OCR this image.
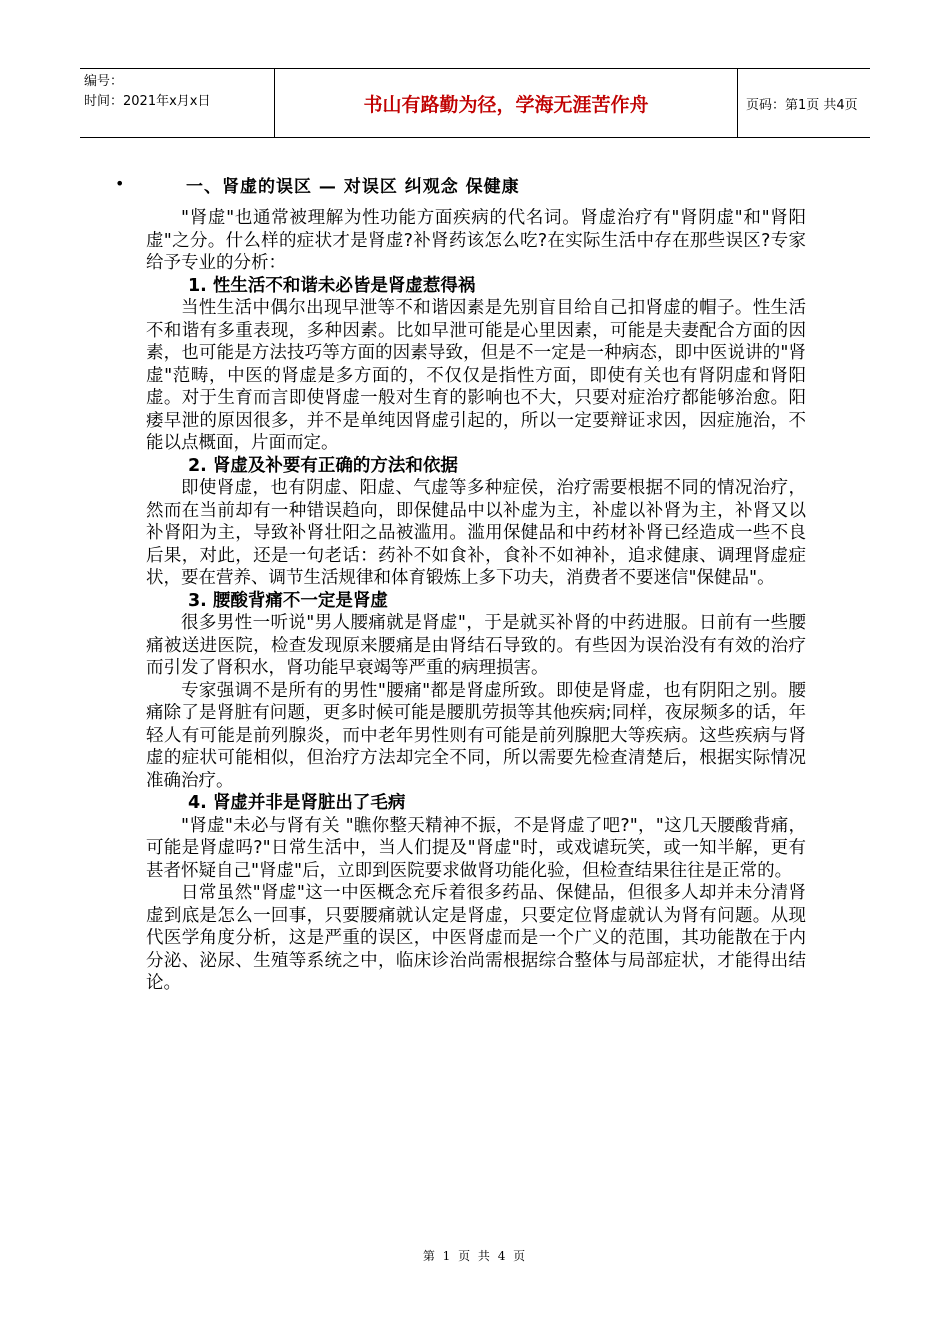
编号：
时间：2021年x月x日	书山有路勤为径，学海无涯苦作舟	页码：第1页 共4页
•	一、肾虚的误区 — 对误区 纠观念 保健康

"肾虚"也通常被理解为性功能方面疾病的代名词。肾虚治疗有"肾阴虚"和"肾阳虚"之分。什么样的症状才是肾虚?补肾药该怎么吃?在实际生活中存在那些误区?专家给予专业的分析：

1. 性生活不和谐未必皆是肾虚惹得祸

当性生活中偶尔出现早泄等不和谐因素是先别盲目给自己扣肾虚的帽子。性生活不和谐有多重表现，多种因素。比如早泄可能是心里因素，可能是夫妻配合方面的因素，也可能是方法技巧等方面的因素导致，但是不一定是一种病态，即中医说讲的"肾虚"范畴，中医的肾虚是多方面的，不仅仅是指性方面，即使有关也有肾阴虚和肾阳虚。对于生育而言即使肾虚一般对生育的影响也不大，只要对症治疗都能够治愈。阳痿早泄的原因很多，并不是单纯因肾虚引起的，所以一定要辩证求因，因症施治，不能以点概面，片面而定。

2. 肾虚及补要有正确的方法和依据

即使肾虚，也有阴虚、阳虚、气虚等多种症侯，治疗需要根据不同的情况治疗，然而在当前却有一种错误趋向，即保健品中以补虚为主，补虚以补肾为主，补肾又以补肾阳为主，导致补肾壮阳之品被滥用。滥用保健品和中药材补肾已经造成一些不良后果，对此，还是一句老话：药补不如食补，食补不如神补，追求健康、调理肾虚症状，要在营养、调节生活规律和体育锻炼上多下功夫，消费者不要迷信"保健品"。

3. 腰酸背痛不一定是肾虚

很多男性一听说"男人腰痛就是肾虚"，于是就买补肾的中药进服。日前有一些腰痛被送进医院，检查发现原来腰痛是由肾结石导致的。有些因为误治没有有效的治疗而引发了肾积水，肾功能早衰竭等严重的病理损害。

专家强调不是所有的男性"腰痛"都是肾虚所致。即使是肾虚，也有阴阳之别。腰痛除了是肾脏有问题，更多时候可能是腰肌劳损等其他疾病;同样，夜尿频多的话，年轻人有可能是前列腺炎，而中老年男性则有可能是前列腺肥大等疾病。这些疾病与肾虚的症状可能相似，但治疗方法却完全不同，所以需要先检查清楚后，根据实际情况准确治疗。

4. 肾虚并非是肾脏出了毛病

"肾虚"未必与肾有关 "瞧你整天精神不振，不是肾虚了吧?"，"这几天腰酸背痛，可能是肾虚吗?"日常生活中，当人们提及"肾虚"时，或戏谑玩笑，或一知半解，更有甚者怀疑自己"肾虚"后，立即到医院要求做肾功能化验，但检查结果往往是正常的。

日常虽然"肾虚"这一中医概念充斥着很多药品、保健品，但很多人却并未分清肾虚到底是怎么一回事，只要腰痛就认定是肾虚，只要定位肾虚就认为肾有问题。从现代医学角度分析，这是严重的误区，中医肾虚而是一个广义的范围，其功能散在于内分泌、泌尿、生殖等系统之中，临床诊治尚需根据综合整体与局部症状，才能得出结论。

第 1 页 共 4 页
